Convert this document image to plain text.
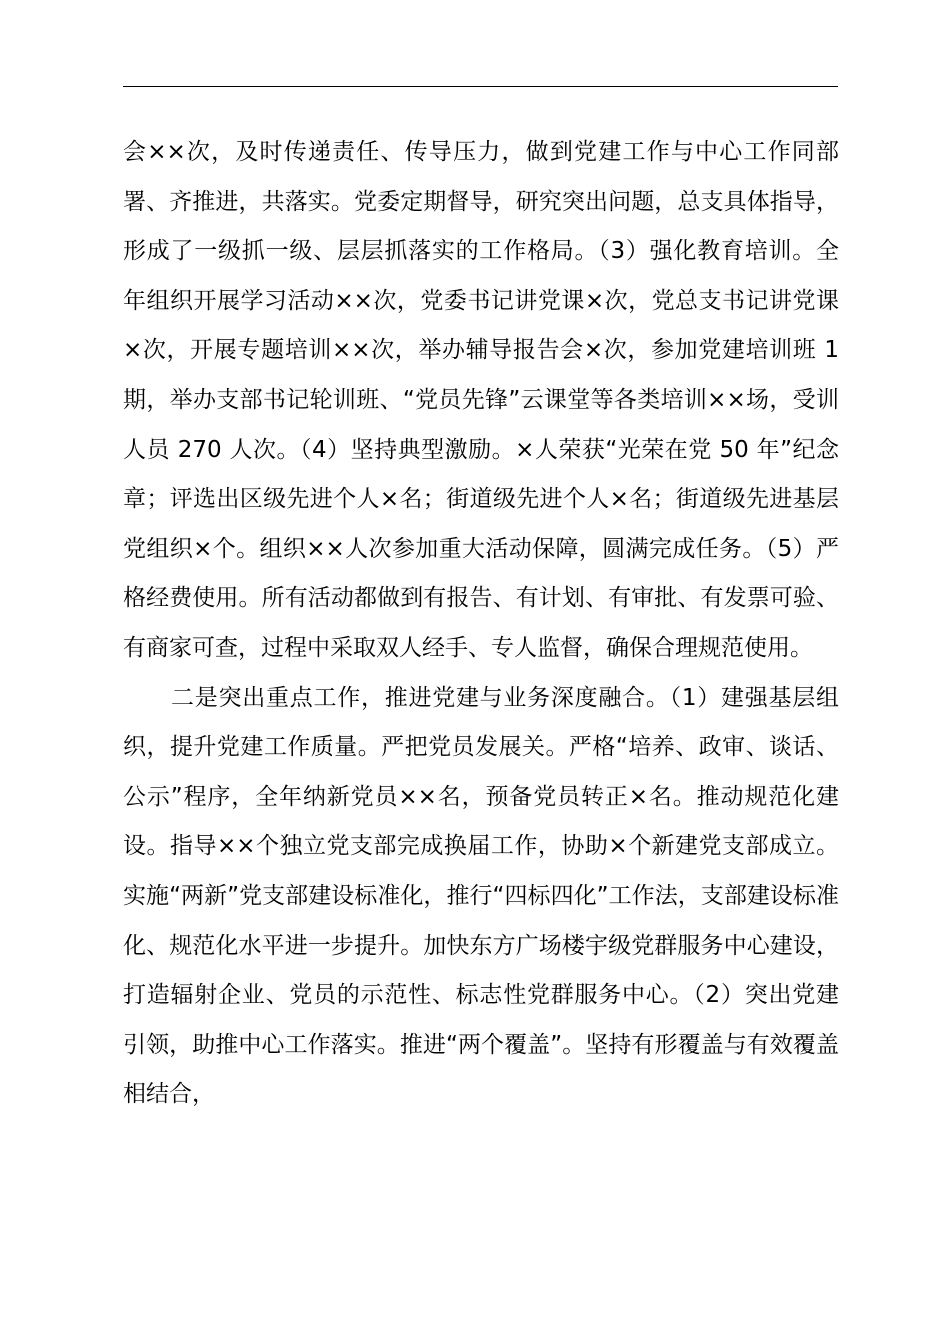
会××次，及时传递责任、传导压力，做到党建工作与中心工作同部署、齐推进，共落实。党委定期督导，研究突出问题，总支具体指导，形成了一级抓一级、层层抓落实的工作格局。（3）强化教育培训。全年组织开展学习活动××次，党委书记讲党课×次，党总支书记讲党课×次，开展专题培训××次，举办辅导报告会×次，参加党建培训班 1 期，举办支部书记轮训班、“党员先锋”云课堂等各类培训××场，受训人员 270 人次。（4）坚持典型激励。×人荣获“光荣在党 50 年”纪念章；评选出区级先进个人×名；街道级先进个人×名；街道级先进基层党组织×个。组织××人次参加重大活动保障，圆满完成任务。（5）严格经费使用。所有活动都做到有报告、有计划、有审批、有发票可验、有商家可查，过程中采取双人经手、专人监督，确保合理规范使用。

二是突出重点工作，推进党建与业务深度融合。（1）建强基层组织，提升党建工作质量。严把党员发展关。严格“培养、政审、谈话、公示”程序，全年纳新党员××名，预备党员转正×名。推动规范化建设。指导××个独立党支部完成换届工作，协助×个新建党支部成立。实施“两新”党支部建设标准化，推行“四标四化”工作法，支部建设标准化、规范化水平进一步提升。加快东方广场楼宇级党群服务中心建设，打造辐射企业、党员的示范性、标志性党群服务中心。（2）突出党建引领，助推中心工作落实。推进“两个覆盖”。坚持有形覆盖与有效覆盖相结合，
